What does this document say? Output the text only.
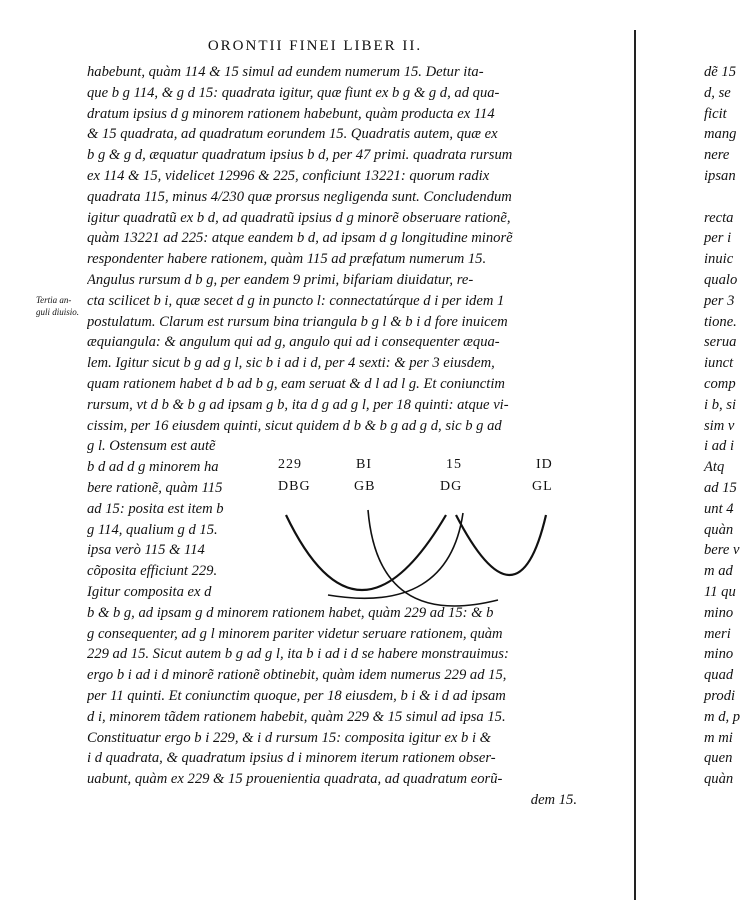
ORONTII FINEI LIBER II.
Tertia an-
guli diuisio.
habebunt, quàm 114 & 15 simul ad eundem numerum 15. Detur ita-
que b g 114, & g d 15: quadrata igitur, quæ fiunt ex b g & g d, ad qua-
dratum ipsius d g minorem rationem habebunt, quàm producta ex 114
& 15 quadrata, ad quadratum eorundem 15. Quadratis autem, quæ ex
b g & g d, æquatur quadratum ipsius b d, per 47 primi. quadrata rursum
ex 114 & 15, videlicet 12996 & 225, conficiunt 13221: quorum radix
quadrata 115, minus 4/230 quæ prorsus negligenda sunt. Concludendum
igitur quadratũ ex b d, ad quadratũ ipsius d g minorẽ obseruare rationẽ,
quàm 13221 ad 225: atque eandem b d, ad ipsam d g longitudine minorẽ
respondenter habere rationem, quàm 115 ad præfatum numerum 15.
Angulus rursum d b g, per eandem 9 primi, bifariam diuidatur, re-
cta scilicet b i, quæ secet d g in puncto l: connectatúrque d i per idem 1
postulatum. Clarum est rursum bina triangula b g l & b i d fore inuicem
æquiangula: & angulum qui ad g, angulo qui ad i consequenter æqua-
lem. Igitur sicut b g ad g l, sic b i ad i d, per 4 sexti: & per 3 eiusdem,
quam rationem habet d b ad b g, eam seruat & d l ad l g. Et coniunctim
rursum, vt d b & b g ad ipsam g b, ita d g ad g l, per 18 quinti: atque vi-
cissim, per 16 eiusdem quinti, sicut quidem d b & b g ad g d, sic b g ad
g l. Ostensum est autẽ
b d ad d g minorem ha
bere rationẽ, quàm 115
ad 15: posita est item b
g 114, qualium g d 15.
ipsa verò 115 & 114
cõposita efficiunt 229.
Igitur composita ex d
b & b g, ad ipsam g d minorem rationem habet, quàm 229 ad 15: & b
g consequenter, ad g l minorem pariter videtur seruare rationem, quàm
229 ad 15. Sicut autem b g ad g l, ita b i ad i d se habere monstrauimus:
ergo b i ad i d minorẽ rationẽ obtinebit, quàm idem numerus 229 ad 15,
per 11 quinti. Et coniunctim quoque, per 18 eiusdem, b i & i d ad ipsam
d i, minorem tãdem rationem habebit, quàm 229 & 15 simul ad ipsa 15.
Constituatur ergo b i 229, & i d rursum 15: composita igitur ex b i &
i d quadrata, & quadratum ipsius d i minorem iterum rationem obser-
uabunt, quàm ex 229 & 15 prouenientia quadrata, ad quadratum eorũ-
dem 15.
229	BI	15	ID
DBG	GB	DG	GL
dẽ 15
d, se
ficit
mang
nere
ipsan
recta
per i
inuic
qualo
per 3
tione.
serua
iunct
comp
i b, si
sim v
i ad i
Atq
ad 15
unt 4
quàn
bere v
m ad
11 qu
mino
meri
mino
quad
prodi
m d, p
m mi
quen
quàn
